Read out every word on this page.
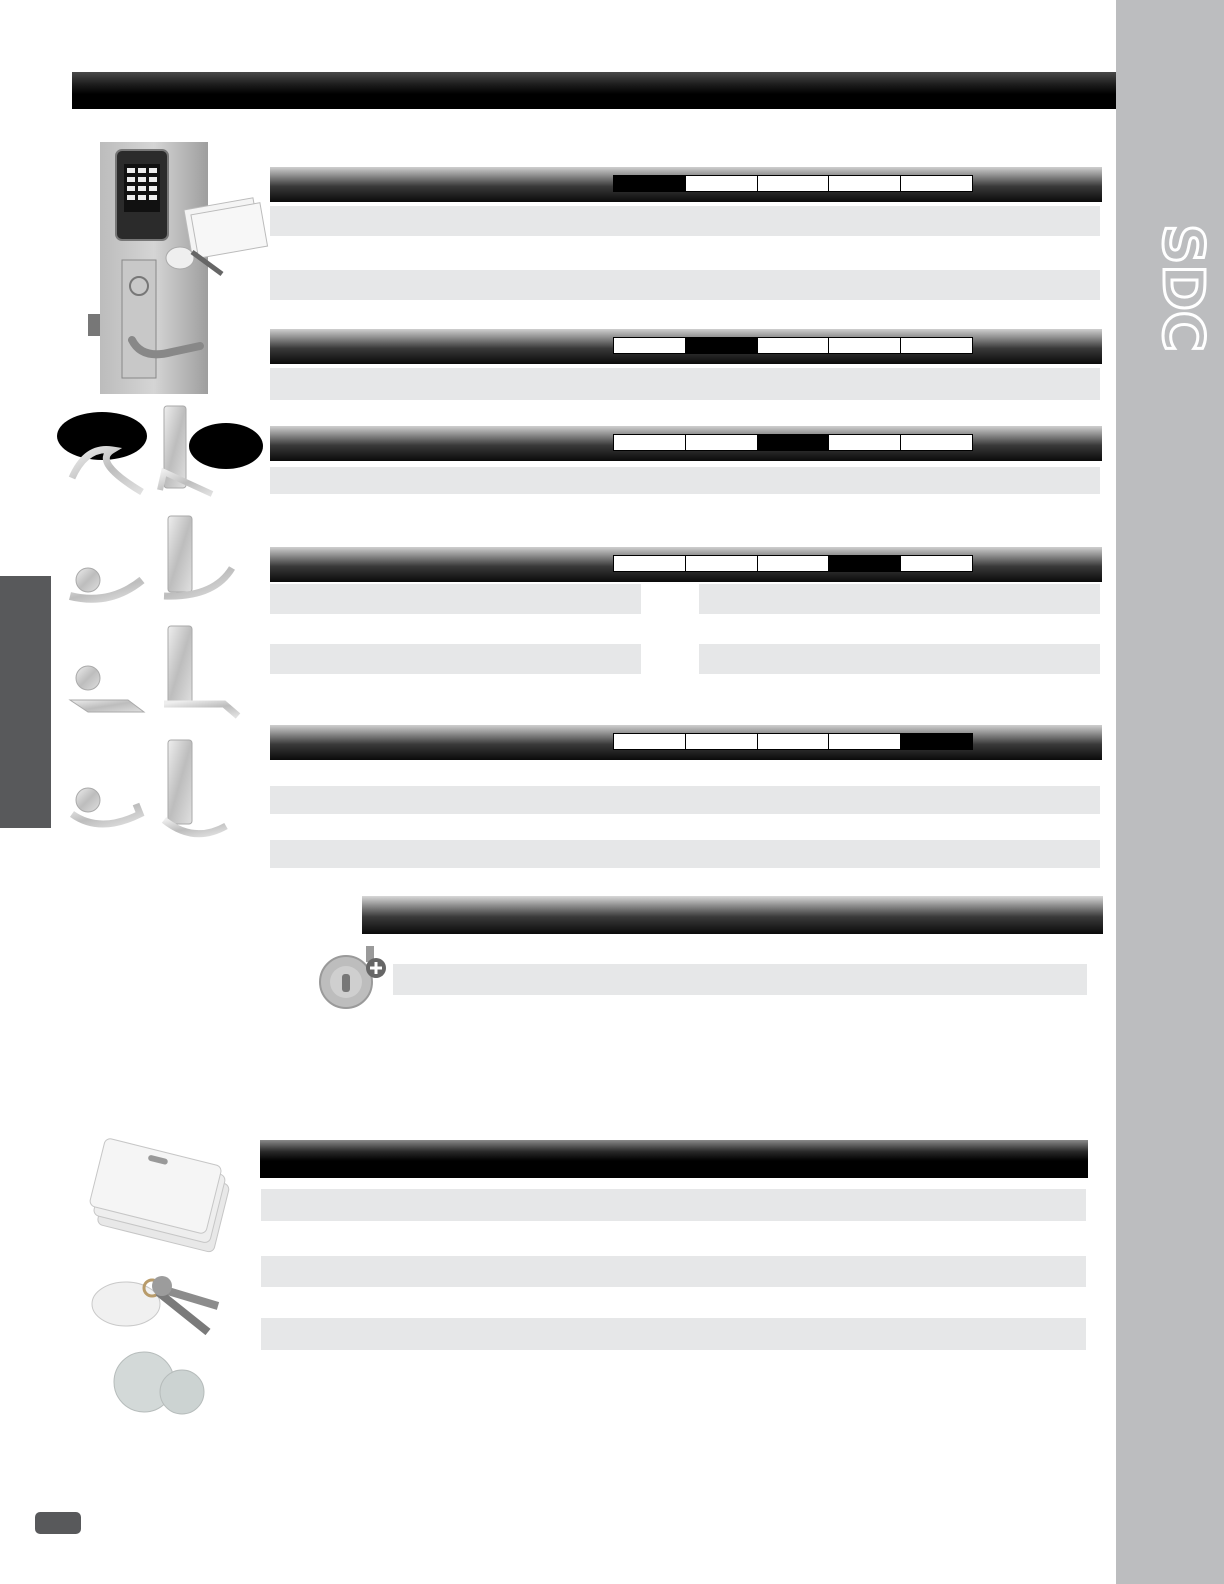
SDC
